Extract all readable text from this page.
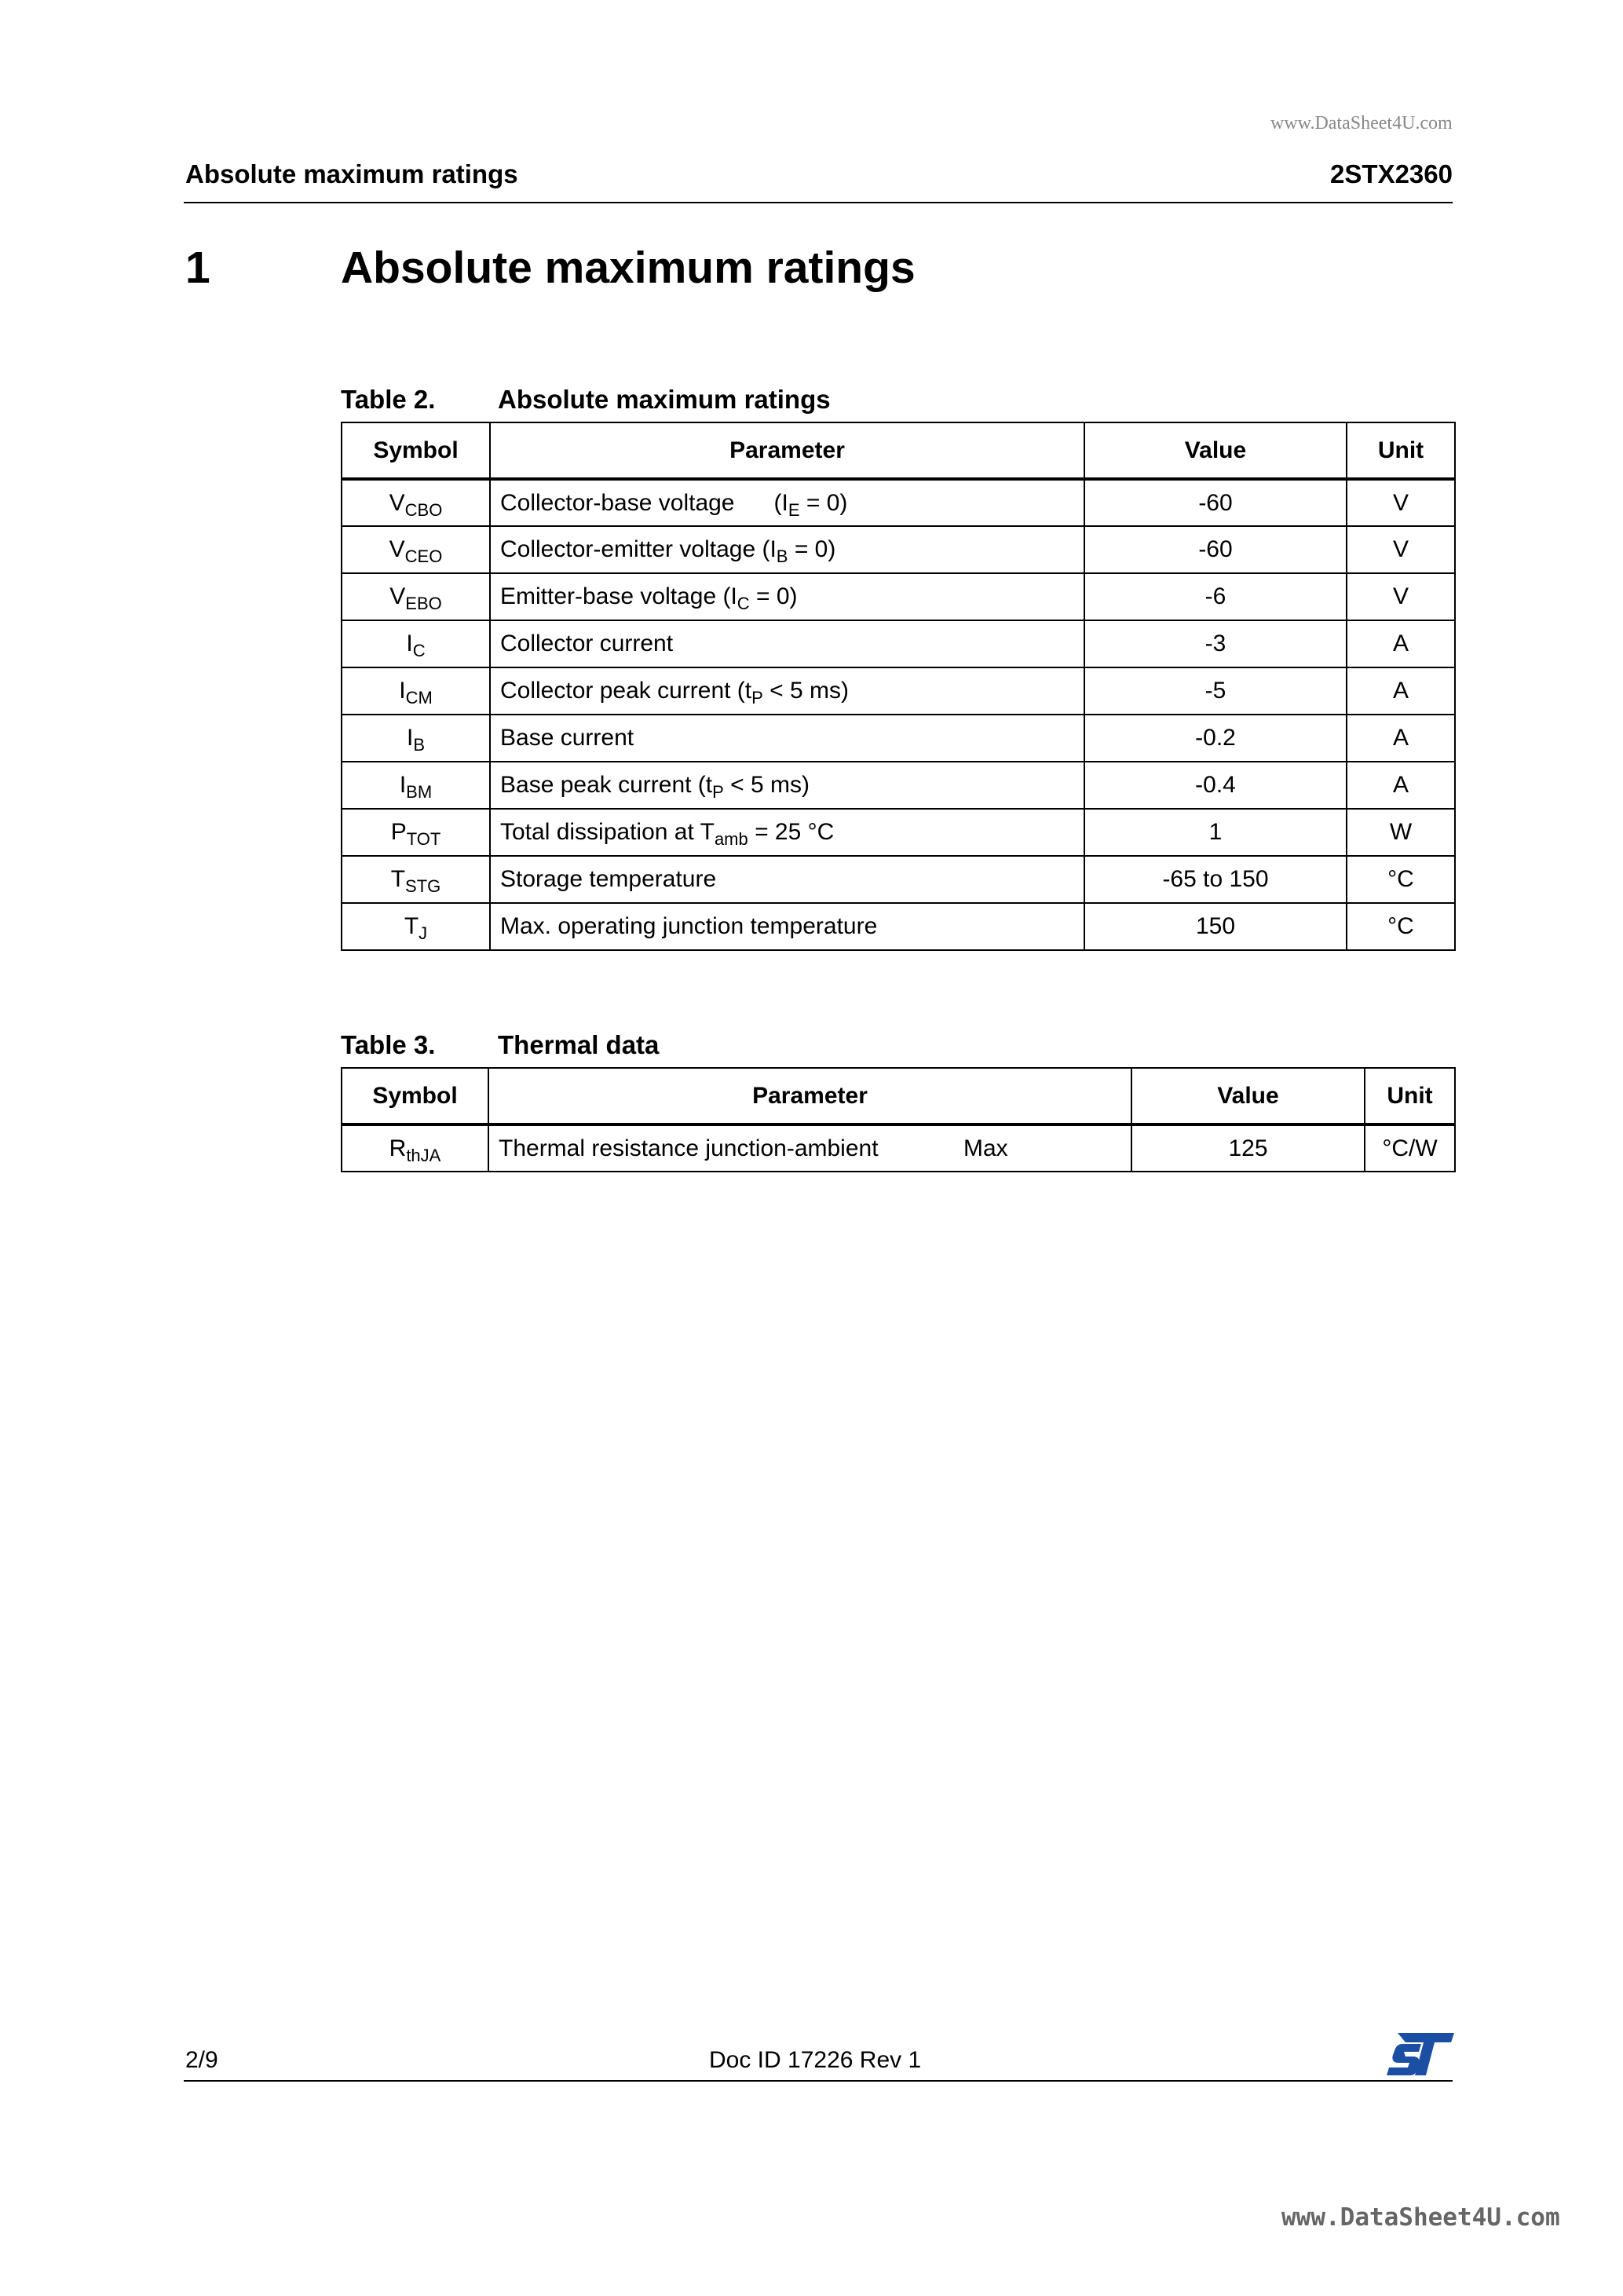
www.DataSheet4U.com
Absolute maximum ratings	2STX2360
1	Absolute maximum ratings
Table 2. Absolute maximum ratings
Symbol	Parameter	Value	Unit
$V_{CBO}$	Collector-base voltage      $(I_E = 0)$	-60	V
$V_{CEO}$	Collector-emitter voltage $(I_B = 0)$	-60	V
$V_{EBO}$	Emitter-base voltage $(I_C = 0)$	-6	V
$I_C$	Collector current	-3	A
$I_{CM}$	Collector peak current ($t_P < 5$ ms)	-5	A
$I_B$	Base current	-0.2	A
$I_{BM}$	Base peak current ($t_P < 5$ ms)	-0.4	A
$P_{TOT}$	Total dissipation at $T_{amb} = 25$ °C	1	W
$T_{STG}$	Storage temperature	-65 to 150	°C
$T_J$	Max. operating junction temperature	150	°C
Table 3. Thermal data
Symbol	Parameter	Value	Unit
$R_{thJA}$	Thermal resistance junction-ambient Max	125	°C/W
2/9	Doc ID 17226 Rev 1
www.DataSheet4U.com
